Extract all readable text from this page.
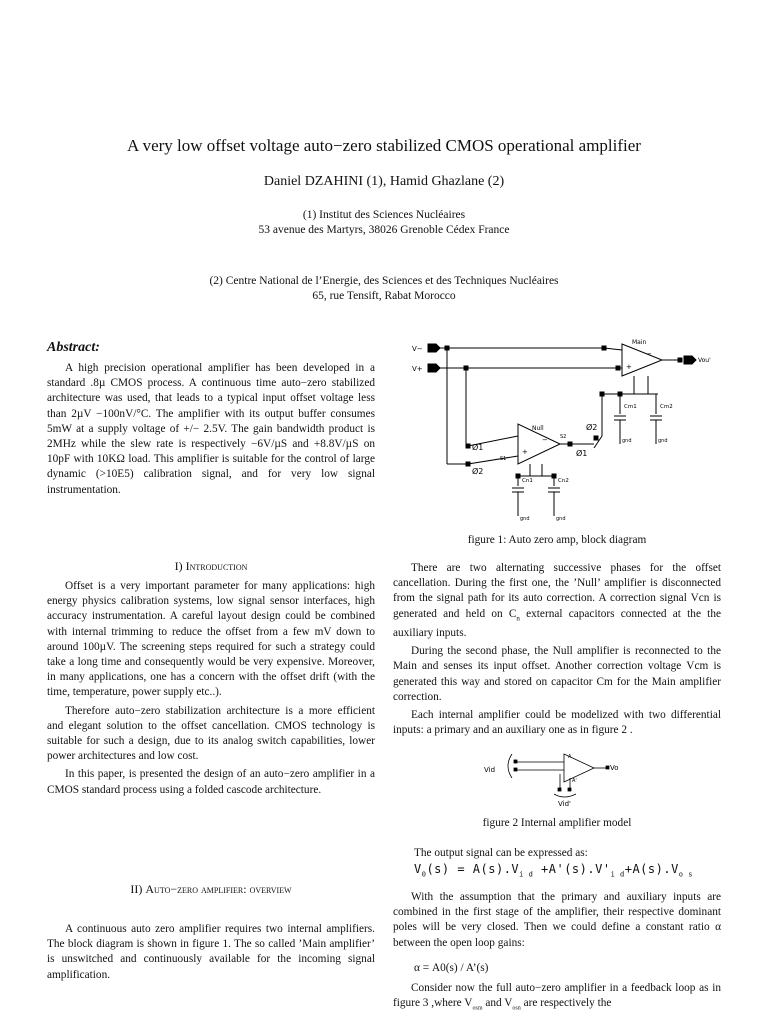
A very low offset voltage auto−zero stabilized CMOS operational amplifier
Daniel DZAHINI (1), Hamid Ghazlane (2)
(1) Institut des Sciences Nucléaires
53 avenue des Martyrs, 38026 Grenoble Cédex France
(2) Centre National de l’Energie, des Sciences et des Techniques Nucléaires
65, rue Tensift, Rabat Morocco
Abstract:

A high precision operational amplifier has been developed in a standard .8µ CMOS process. A continuous time auto−zero stabilized architecture was used, that leads to a typical input offset voltage less than 2µV −100nV/°C. The amplifier with its output buffer consumes 5mW at a supply voltage of +/− 2.5V. The gain bandwidth product is 2MHz while the slew rate is respectively −6V/µS and +8.8V/µS on 10pF with 10KΩ load. This amplifier is suitable for the control of large dynamic (>10E5) calibration signal, and for very low signal instrumentation.

I) Introduction

Offset is a very important parameter for many applications: high energy physics calibration systems, low signal sensor interfaces, high accuracy instrumentation. A careful layout design could be combined with internal trimming to reduce the offset from a few mV down to around 100µV. The screening steps required for such a strategy could take a long time and consequently would be very expensive. Moreover, in many applications, one has a concern with the offset drift (with the time, temperature, power supply etc..).

Therefore auto−zero stabilization architecture is a more efficient and elegant solution to the offset cancellation. CMOS technology is suitable for such a design, due to its analog switch capabilities, lower power architectures and low cost.

In this paper, is presented the design of an auto−zero amplifier in a CMOS standard process using a folded cascode architecture.

II) Auto−zero amplifier: overview

A continuous auto zero amplifier requires two internal amplifiers. The block diagram is shown in figure 1. The so called ’Main amplifier’ is unswitched and continuously available for the incoming signal amplification.

V−
V+
Main
−
+
Vou'
Cm1	Cm2
gnd	gnd
Ø2
Ø1
Null
−
+
Ø1
Ø2
S1
S2
Cn1	Cn2
gnd	gnd
figure 1: Auto zero amp, block diagram

There are two alternating successive phases for the offset cancellation. During the first one, the ’Null’ amplifier is disconnected from the signal path for its auto correction. A correction signal Vcn is generated and held on $C_n$ external capacitors connected at the the auxiliary inputs.

During the second phase, the Null amplifier is reconnected to the Main and senses its input offset. Another correction voltage Vcm is generated this way and stored on capacitor Cm for the Main amplifier correction.

Each internal amplifier could be modelized with two differential inputs: a primary and an auxiliary one as in figure 2 .

Vid
A
A'
Vo
Vid'
figure 2 Internal amplifier model
The output signal can be expressed as:
$V_0(s) = A(s).V_{i d} +A'(s).V'_{i d}+A(s).V_{o s}$

With the assumption that the primary and auxiliary inputs are combined in the first stage of the amplifier, their respective dominant poles will be very closed. Then we could define a constant ratio α between the open loop gains:

α = A0(s) / A’(s)

Consider now the full auto−zero amplifier in a feedback loop as in figure 3 ,where $V_{osm}$ and $V_{osn}$ are respectively the
